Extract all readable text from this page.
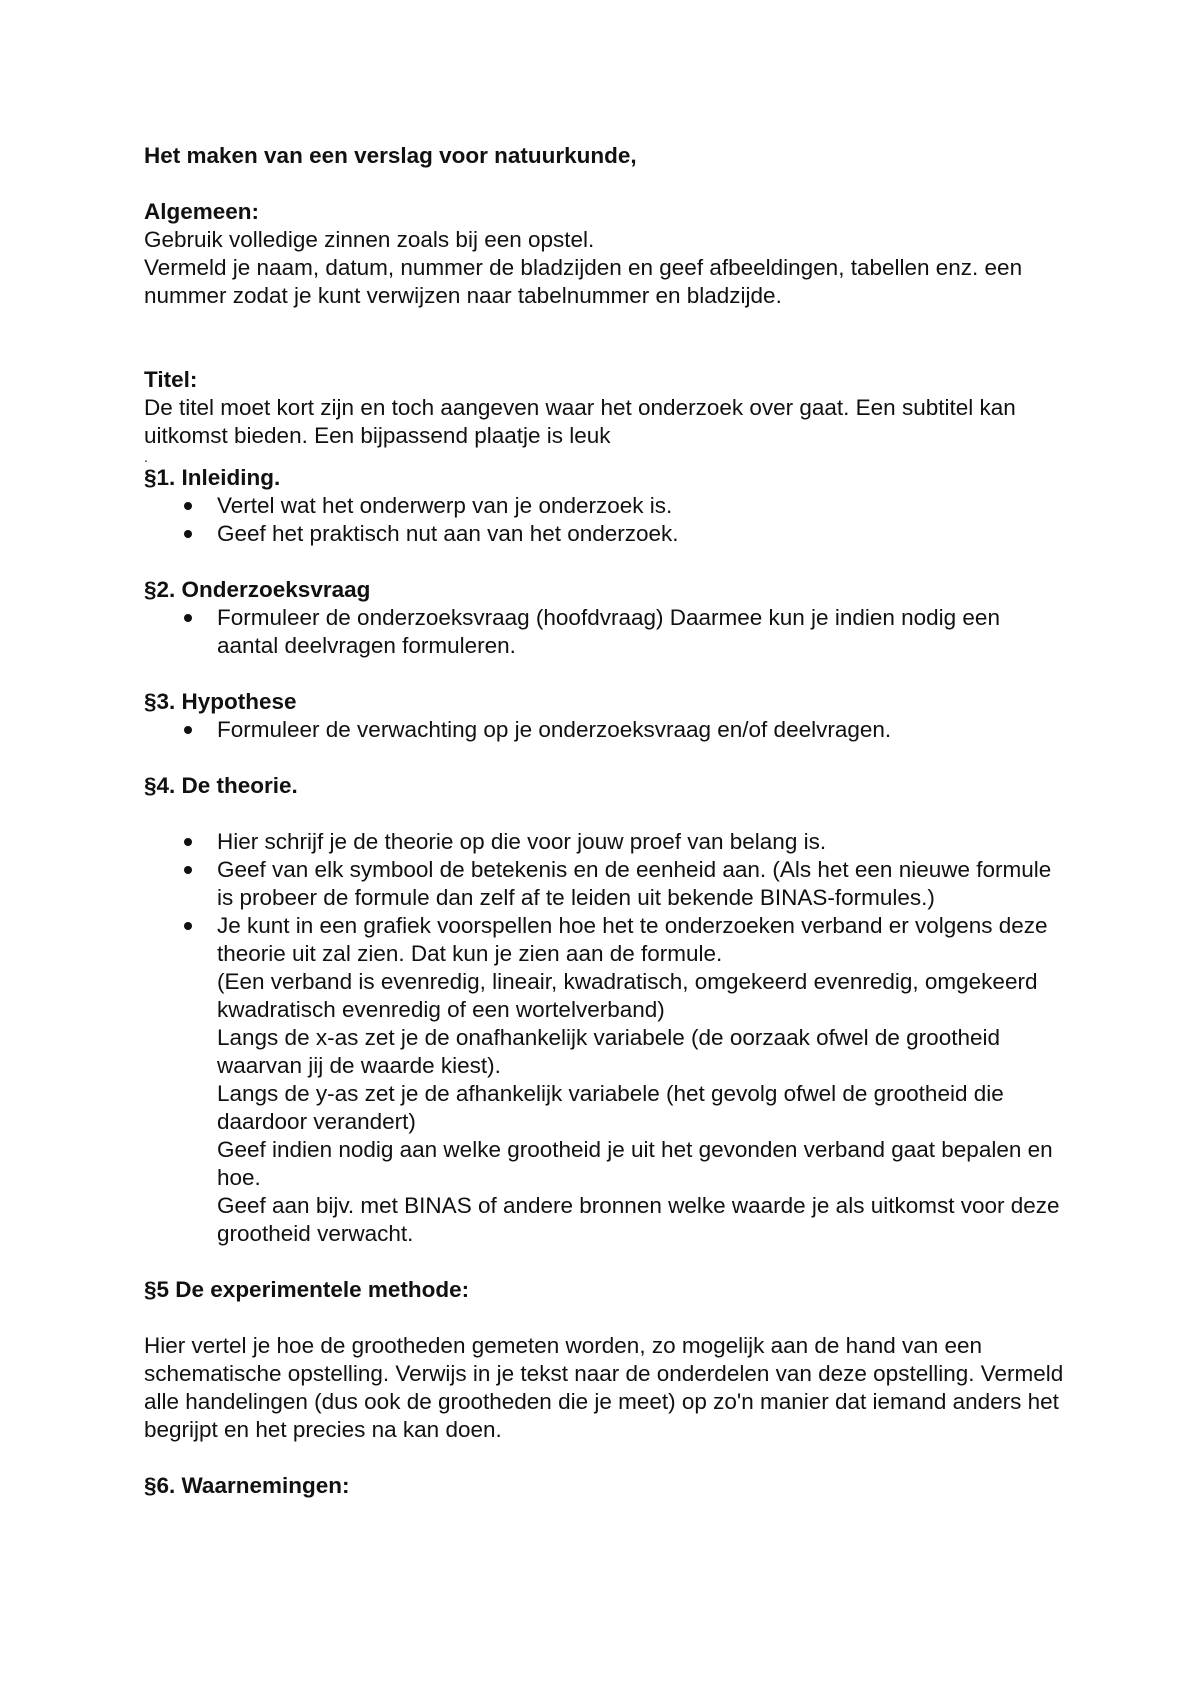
Het maken van een verslag voor natuurkunde,

Algemeen:

Gebruik volledige zinnen zoals bij een opstel.

Vermeld je naam, datum, nummer de bladzijden en geef afbeeldingen, tabellen enz. een nummer zodat je kunt verwijzen naar tabelnummer en bladzijde.

Titel:

De titel moet kort zijn en toch aangeven waar het onderzoek over gaat. Een subtitel kan uitkomst bieden. Een bijpassend plaatje is leuk

.

§1. Inleiding.

Vertel wat het onderwerp van je onderzoek is.
Geef het praktisch nut aan van het onderzoek.

§2. Onderzoeksvraag

Formuleer de onderzoeksvraag (hoofdvraag) Daarmee kun je indien nodig een aantal deelvragen formuleren.

§3. Hypothese

Formuleer de verwachting op je onderzoeksvraag en/of deelvragen.

§4. De theorie.

Hier schrijf je de theorie op die voor jouw proef van belang is.
Geef van elk symbool de betekenis en de eenheid aan. (Als het een nieuwe formule is probeer de formule dan zelf af te leiden uit bekende BINAS-formules.)
Je kunt in een grafiek voorspellen hoe het te onderzoeken verband er volgens deze theorie uit zal zien. Dat kun je zien aan de formule.
(Een verband is evenredig, lineair, kwadratisch, omgekeerd evenredig, omgekeerd kwadratisch evenredig of een wortelverband)
Langs de x-as zet je de onafhankelijk variabele (de oorzaak ofwel de grootheid waarvan jij de waarde kiest).
Langs de y-as zet je de afhankelijk variabele (het gevolg ofwel de grootheid die daardoor verandert)
Geef indien nodig aan welke grootheid je uit het gevonden verband gaat bepalen en hoe.
Geef aan bijv. met BINAS of andere bronnen welke waarde je als uitkomst voor deze grootheid verwacht.

§5 De experimentele methode:

Hier vertel je hoe de grootheden gemeten worden, zo mogelijk aan de hand van een schematische opstelling. Verwijs in je tekst naar de onderdelen van deze opstelling. Vermeld alle handelingen (dus ook de grootheden die je meet) op zo'n manier dat iemand anders het begrijpt en het precies na kan doen.

§6. Waarnemingen:
